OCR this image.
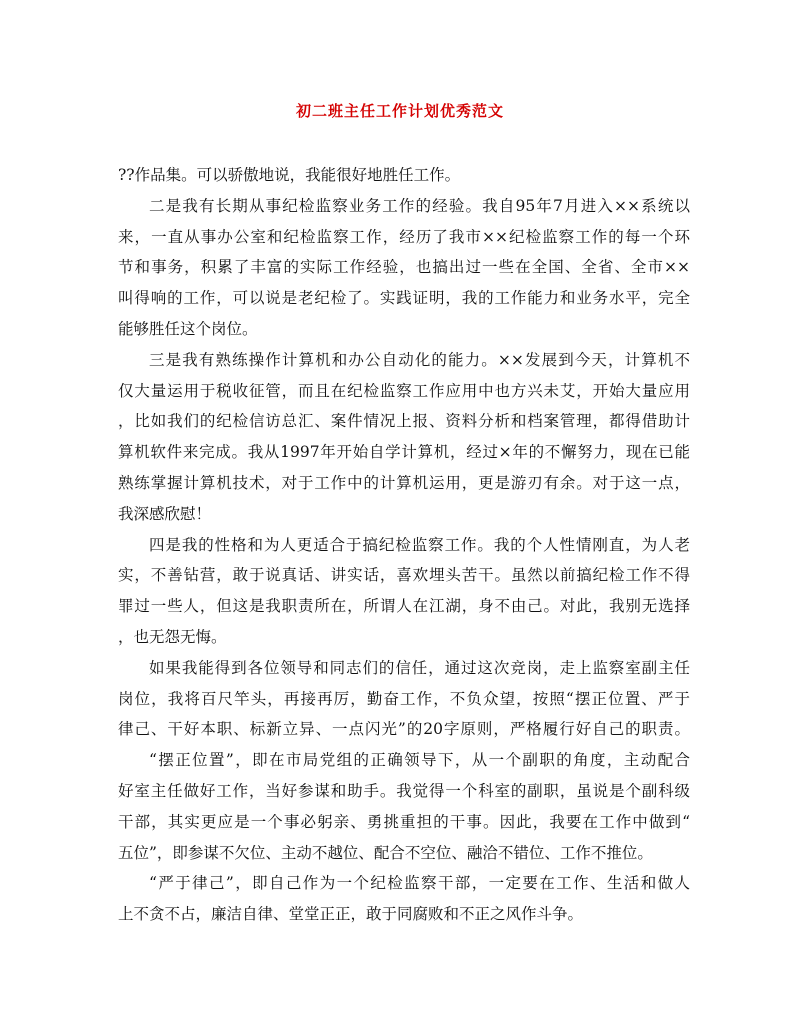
初二班主任工作计划优秀范文
??作品集。可以骄傲地说，我能很好地胜任工作。
二是我有长期从事纪检监察业务工作的经验。我自95年7月进入××系统以
来，一直从事办公室和纪检监察工作，经历了我市××纪检监察工作的每一个环
节和事务，积累了丰富的实际工作经验，也搞出过一些在全国、全省、全市××
叫得响的工作，可以说是老纪检了。实践证明，我的工作能力和业务水平，完全
能够胜任这个岗位。
三是我有熟练操作计算机和办公自动化的能力。××发展到今天，计算机不
仅大量运用于税收征管，而且在纪检监察工作应用中也方兴未艾，开始大量应用
，比如我们的纪检信访总汇、案件情况上报、资料分析和档案管理，都得借助计
算机软件来完成。我从1997年开始自学计算机，经过×年的不懈努力，现在已能
熟练掌握计算机技术，对于工作中的计算机运用，更是游刃有余。对于这一点，
我深感欣慰！
四是我的性格和为人更适合于搞纪检监察工作。我的个人性情刚直，为人老
实，不善钻营，敢于说真话、讲实话，喜欢埋头苦干。虽然以前搞纪检工作不得
罪过一些人，但这是我职责所在，所谓人在江湖，身不由己。对此，我别无选择
，也无怨无悔。
如果我能得到各位领导和同志们的信任，通过这次竞岗，走上监察室副主任
岗位，我将百尺竿头，再接再厉，勤奋工作，不负众望，按照“摆正位置、严于
律己、干好本职、标新立异、一点闪光”的20字原则，严格履行好自己的职责。
“摆正位置”，即在市局党组的正确领导下，从一个副职的角度，主动配合
好室主任做好工作，当好参谋和助手。我觉得一个科室的副职，虽说是个副科级
干部，其实更应是一个事必躬亲、勇挑重担的干事。因此，我要在工作中做到“
五位”，即参谋不欠位、主动不越位、配合不空位、融洽不错位、工作不推位。
“严于律己”，即自己作为一个纪检监察干部，一定要在工作、生活和做人
上不贪不占，廉洁自律、堂堂正正，敢于同腐败和不正之风作斗争。
